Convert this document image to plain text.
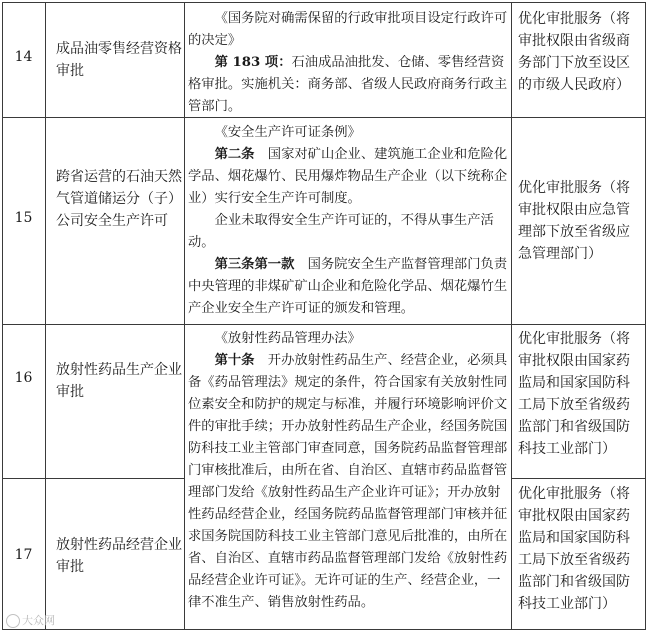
14	成品油零售经营资格审批

《国务院对确需保留的行政审批项目设定行政许可的决定》

第 183 项：石油成品油批发、仓储、零售经营资格审批。实施机关：商务部、省级人民政府商务行政主管部门。

优化审批服务（将审批权限由省级商务部门下放至设区的市级人民政府）
15
跨省运营的石油天然气管道储运分（子）公司安全生产许可

《安全生产许可证条例》

第二条　国家对矿山企业、建筑施工企业和危险化学品、烟花爆竹、民用爆炸物品生产企业（以下统称企业）实行安全生产许可制度。

企业未取得安全生产许可证的，不得从事生产活动。

第三条第一款　国务院安全生产监督管理部门负责中央管理的非煤矿矿山企业和危险化学品、烟花爆竹生产企业安全生产许可证的颁发和管理。

优化审批服务（将审批权限由应急管理部下放至省级应急管理部门）
16	放射性药品生产企业审批
优化审批服务（将审批权限由国家药监局和国家国防科工局下放至省级药监部门和省级国防科技工业部门）

《放射性药品管理办法》

第十条　开办放射性药品生产、经营企业，必须具备《药品管理法》规定的条件，符合国家有关放射性同位素安全和防护的规定与标准，并履行环境影响评价文件的审批手续；开办放射性药品生产企业，经国务院国防科技工业主管部门审查同意，国务院药品监督管理部门审核批准后，由所在省、自治区、直辖市药品监督管理部门发给《放射性药品生产企业许可证》；开办放射性药品经营企业，经国务院药品监督管理部门审核并征求国务院国防科技工业主管部门意见后批准的，由所在省、自治区、直辖市药品监督管理部门发给《放射性药品经营企业许可证》。无许可证的生产、经营企业，一律不准生产、销售放射性药品。

17
放射性药品经营企业审批
优化审批服务（将审批权限由国家药监局和国家国防科工局下放至省级药监部门和省级国防科技工业部门）
大众网
